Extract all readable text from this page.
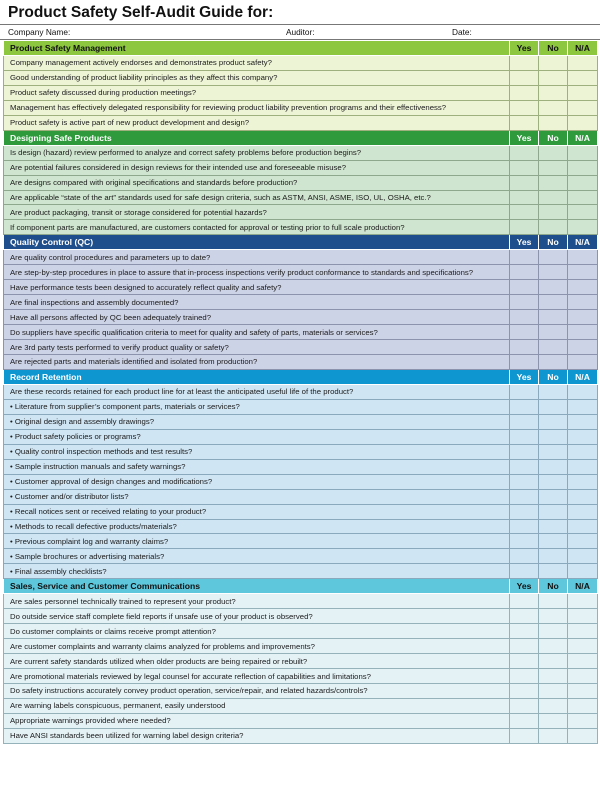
Product Safety Self-Audit Guide for:
Company Name:	Auditor:	Date:
Product Safety Management	Yes	No	N/A
Company management actively endorses and demonstrates product safety?			
Good understanding of product liability principles as they affect this company?			
Product safety discussed during production meetings?			
Management has effectively delegated responsibility for reviewing product liability prevention programs and their effectiveness?			
Product safety is active part of new product development and design?			
Designing Safe Products	Yes	No	N/A
Is design (hazard) review performed to analyze and correct safety problems before production begins?			
Are potential failures considered in design reviews for their intended use and foreseeable misuse?			
Are designs compared with original specifications and standards before production?			
Are applicable “state of the art” standards used for safe design criteria, such as ASTM, ANSI, ASME, ISO, UL, OSHA, etc.?			
Are product packaging, transit or storage considered for potential hazards?			
If component parts are manufactured, are customers contacted for approval or testing prior to full scale production?			
Quality Control (QC)	Yes	No	N/A
Are quality control procedures and parameters up to date?			
Are step-by-step procedures in place to assure that in-process inspections verify product conformance to standards and specifications?			
Have performance tests been designed to accurately reflect quality and safety?			
Are final inspections and assembly documented?			
Have all persons affected by QC been adequately trained?			
Do suppliers have specific qualification criteria to meet for quality and safety of parts, materials or services?			
Are 3rd party tests performed to verify product quality or safety?			
Are rejected parts and materials identified and isolated from production?			
Record Retention	Yes	No	N/A
Are these records retained for each product line for at least the anticipated useful life of the product?			
• Literature from supplier’s component parts, materials or services?			
• Original design and assembly drawings?			
• Product safety policies or programs?			
• Quality control inspection methods and test results?			
• Sample instruction manuals and safety warnings?			
• Customer approval of design changes and modifications?			
• Customer and/or distributor lists?			
• Recall notices sent or received relating to your product?			
• Methods to recall defective products/materials?			
• Previous complaint log and warranty claims?			
• Sample brochures or advertising materials?			
• Final assembly checklists?			
Sales, Service and Customer Communications	Yes	No	N/A
Are sales personnel technically trained to represent your product?			
Do outside service staff complete field reports if unsafe use of your product is observed?			
Do customer complaints or claims receive prompt attention?			
Are customer complaints and warranty claims analyzed for problems and improvements?			
Are current safety standards utilized when older products are being repaired or rebuilt?			
Are promotional materials reviewed by legal counsel for accurate reflection of capabilities and limitations?			
Do safety instructions accurately convey product operation, service/repair, and related hazards/controls?			
Are warning labels conspicuous, permanent, easily understood			
Appropriate warnings provided where needed?			
Have ANSI standards been utilized for warning label design criteria?			
